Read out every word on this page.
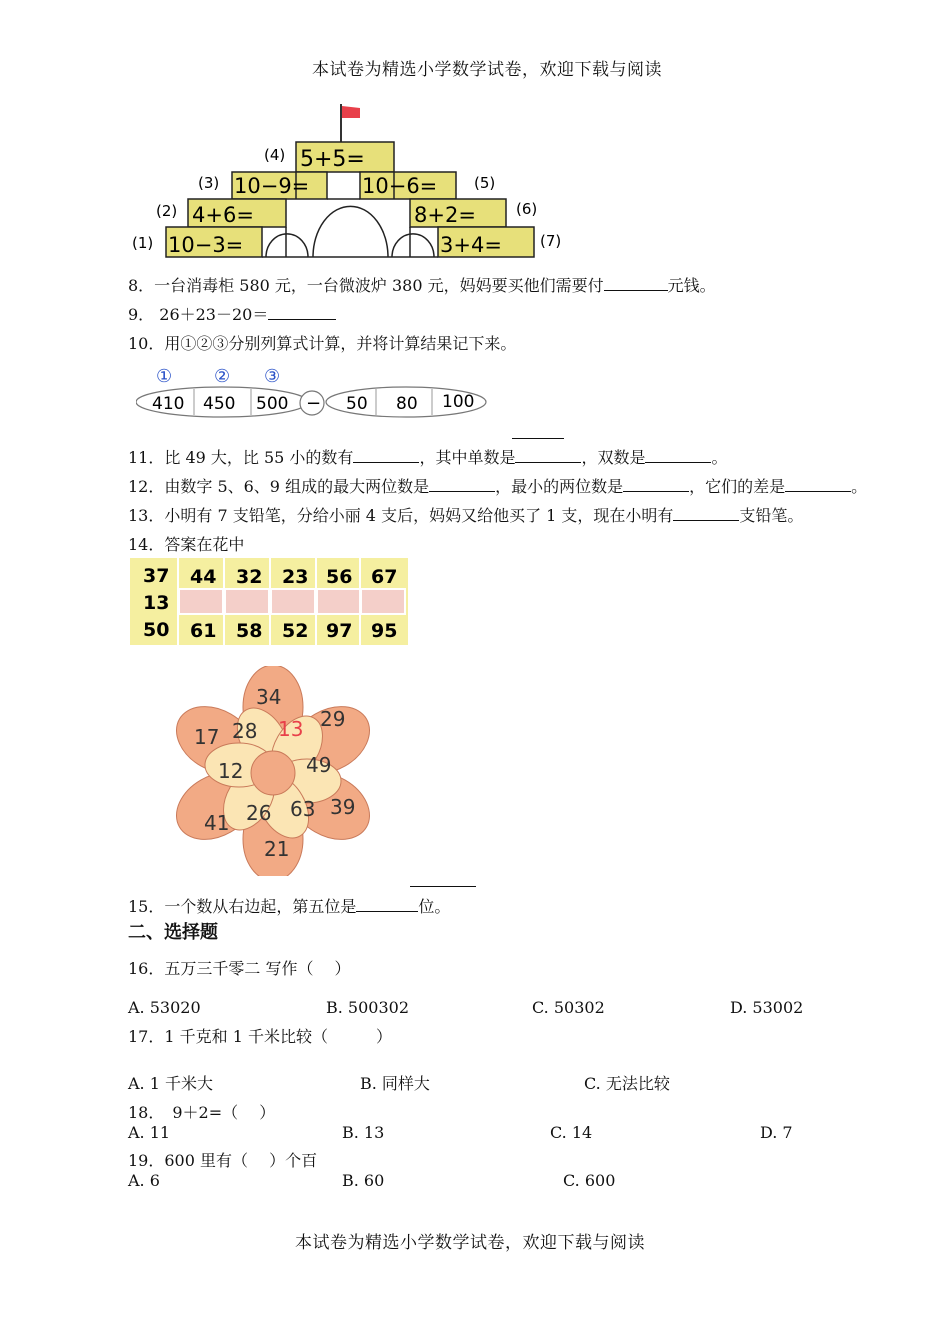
本试卷为精选小学数学试卷，欢迎下载与阅读
(4)
(3)	(5)
(2)	(6)
(1)	(7)
5+5=
10−9=	10−6=
4+6=	8+2=
10−3=	3+4=
8．一台消毒柜 580 元，一台微波炉 380 元，妈妈要买他们需要付	元钱。
9． 26＋23－20＝
10．用①②③分别列算式计算，并将计算结果记下来。
① ② ③
410 450 500 − 50 80 100
11．比 49 大，比 55 小的数有	，其中单数是	，双数是	。
12．由数字 5、6、9 组成的最大两位数是	，最小的两位数是	，它们的差是	。
13．小明有 7 支铅笔，分给小丽 4 支后，妈妈又给他买了 1 支，现在小明有	支铅笔。
14．答案在花中
37 44 32 23 56 67
13
50 61 58 52 97 95
34
29
39
21
41
17 28 13
49
63
26
12
15．一个数从右边起，第五位是	位。
二、选择题
16．五万三千零二 写作（　 ）
A. 53020	B. 500302	C. 50302	D. 53002
17．1 千克和 1 千米比较（　　　）
A. 1 千米大	B. 同样大	C. 无法比较
18．　9＋2=（　 ）
A. 11	B. 13	C. 14	D. 7
19．600 里有（　 ）个百
A. 6	B. 60	C. 600
本试卷为精选小学数学试卷，欢迎下载与阅读
